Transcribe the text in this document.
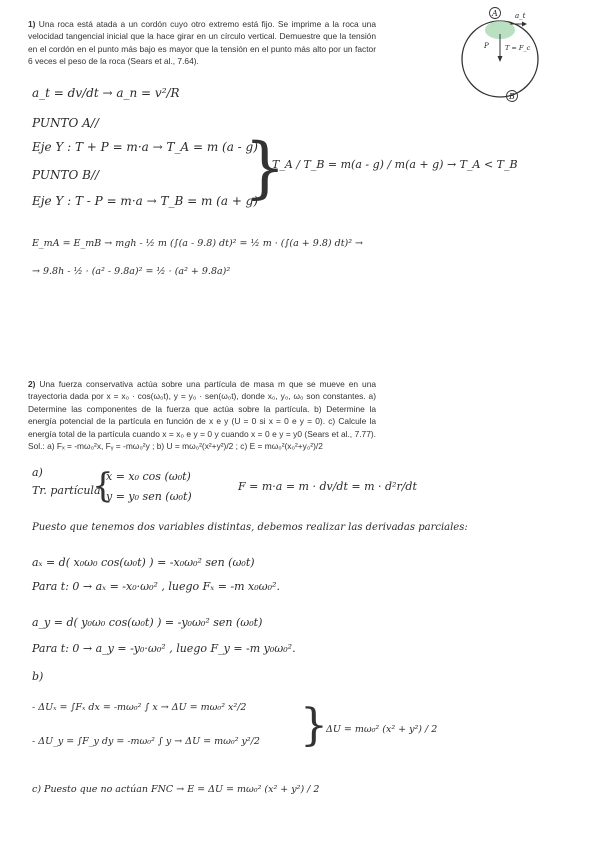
1) Una roca está atada a un cordón cuyo otro extremo está fijo. Se imprime a la roca una velocidad tangencial inicial que la hace girar en un círculo vertical. Demuestre que la tensión en el cordón en el punto más bajo es mayor que la tensión en el punto más alto por un factor 6 veces el peso de la roca (Sears et al., 7.64).
A
B
a_t
P	T = F_c
a_t = dv/dt → a_n = v²/R
PUNTO A//
Eje Y : T + P = m·a → T_A = m (a - g)
PUNTO B//
Eje Y : T - P = m·a → T_B = m (a + g)
}
T_A / T_B = m(a - g) / m(a + g) → T_A < T_B
E_mA = E_mB → mgh - ½ m (∫(a - 9.8) dt)² = ½ m · (∫(a + 9.8) dt)² →
→ 9.8h - ½ · (a² - 9.8a)² = ½ · (a² + 9.8a)²
2) Una fuerza conservativa actúa sobre una partícula de masa m que se mueve en una trayectoria dada por x = x₀ · cos(ω₀t), y = y₀ · sen(ω₀t), donde x₀, y₀, ω₀ son constantes. a) Determine las componentes de la fuerza que actúa sobre la partícula. b) Determine la energía potencial de la partícula en función de x e y (U = 0 si x = 0 e y = 0). c) Calcule la energía total de la partícula cuando x = x₀ e y = 0 y cuando x = 0 e y = y0 (Sears et al., 7.77). Sol.: a) Fₓ = -mω₀²x, Fᵧ = -mω₀²y ; b) U = mω₀²(x²+y²)/2 ; c) E = mω₀²(x₀²+y₀²)/2
a)
Tr. partícula
{
x = x₀ cos (ω₀t)
y = y₀ sen (ω₀t)
F = m·a = m · dv/dt = m · d²r/dt
Puesto que tenemos dos variables distintas, debemos realizar las derivadas parciales:
aₓ = d( x₀ω₀ cos(ω₀t) ) = -x₀ω₀² sen (ω₀t)
Para t: 0 → aₓ = -x₀·ω₀² , luego Fₓ = -m x₀ω₀².
a_y = d( y₀ω₀ cos(ω₀t) ) = -y₀ω₀² sen (ω₀t)
Para t: 0 → a_y = -y₀·ω₀² , luego F_y = -m y₀ω₀².
b)
- ΔUₓ = ∫Fₓ dx = -mω₀² ∫ x → ΔU = mω₀² x²/2
- ΔU_y = ∫F_y dy = -mω₀² ∫ y → ΔU = mω₀² y²/2 }
ΔU = mω₀² (x² + y²) / 2
c) Puesto que no actúan FNC → E = ΔU = mω₀² (x² + y²) / 2
